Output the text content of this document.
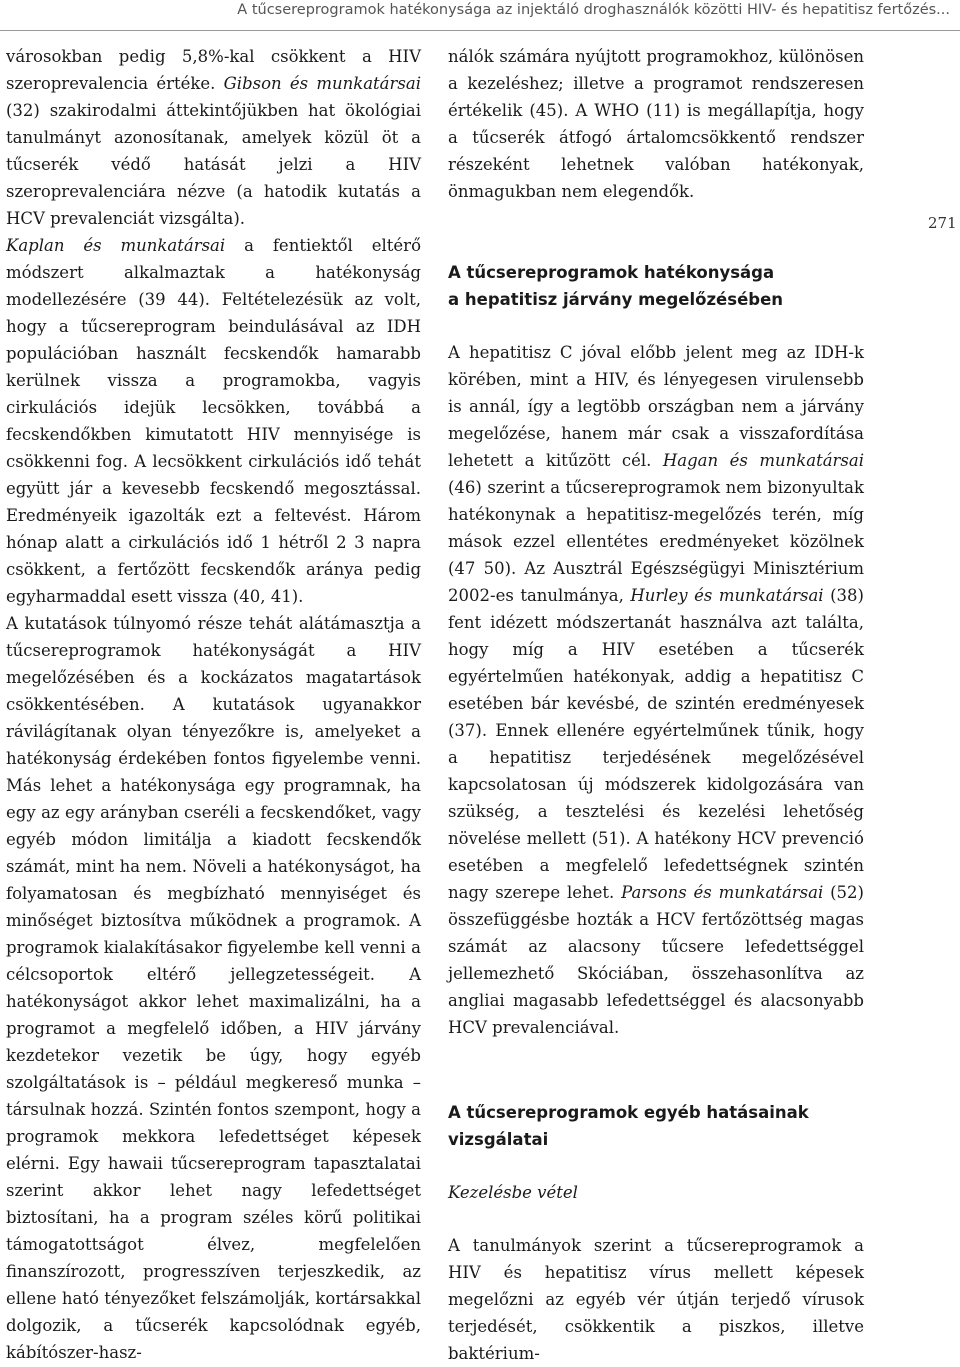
A tűcsereprogramok hatékonysága az injektáló droghasználók közötti HIV- és hepatitisz fertőzés...
271

városokban pedig 5,8%-kal csökkent a HIV szeroprevalencia értéke. Gibson és munkatársai (32) szakirodalmi áttekintőjükben hat ökológiai tanulmányt azonosítanak, amelyek közül öt a tűcserék védő hatását jelzi a HIV szeroprevalenciára nézve (a hatodik kutatás a HCV prevalenciát vizsgálta).

Kaplan és munkatársai a fentiektől eltérő módszert alkalmaztak a hatékonyság modellezésére (39 44). Feltételezésük az volt, hogy a tűcsereprogram beindulásával az IDH populációban használt fecskendők hamarabb kerülnek vissza a programokba, vagyis cirkulációs idejük lecsökken, továbbá a fecskendőkben kimutatott HIV mennyisége is csökkenni fog. A lecsökkent cirkulációs idő tehát együtt jár a kevesebb fecskendő megosztással. Eredményeik igazolták ezt a feltevést. Három hónap alatt a cirkulációs idő 1 hétről 2 3 napra csökkent, a fertőzött fecskendők aránya pedig egyharmaddal esett vissza (40, 41).

A kutatások túlnyomó része tehát alátámasztja a tűcsereprogramok hatékonyságát a HIV megelőzésében és a kockázatos magatartások csökkentésében. A kutatások ugyanakkor rávilágítanak olyan tényezőkre is, amelyeket a hatékonyság érdekében fontos figyelembe venni. Más lehet a hatékonysága egy programnak, ha egy az egy arányban cseréli a fecskendőket, vagy egyéb módon limitálja a kiadott fecskendők számát, mint ha nem. Növeli a hatékonyságot, ha folyamatosan és megbízható mennyiséget és minőséget biztosítva működnek a programok. A programok kialakításakor figyelembe kell venni a célcsoportok eltérő jellegzetességeit. A hatékonyságot akkor lehet maximalizálni, ha a programot a megfelelő időben, a HIV járvány kezdetekor vezetik be úgy, hogy egyéb szolgáltatások is – például megkereső munka – társulnak hozzá. Szintén fontos szempont, hogy a programok mekkora lefedettséget képesek elérni. Egy hawaii tűcsereprogram tapasztalatai szerint akkor lehet nagy lefedettséget biztosítani, ha a program széles körű politikai támogatottságot élvez, megfelelően finanszírozott, progresszíven terjeszkedik, az ellene ható tényezőket felszámolják, kortársakkal dolgozik, a tűcserék kapcsolódnak egyéb, kábítószer-hasz-

nálók számára nyújtott programokhoz, különösen a kezeléshez; illetve a programot rendszeresen értékelik (45). A WHO (11) is megállapítja, hogy a tűcserék átfogó ártalomcsökkentő rendszer részeként lehetnek valóban hatékonyak, önmagukban nem elegendők.

A tűcsereprogramok hatékonysága
a hepatitisz járvány megelőzésében

A hepatitisz C jóval előbb jelent meg az IDH-k körében, mint a HIV, és lényegesen virulensebb is annál, így a legtöbb országban nem a járvány megelőzése, hanem már csak a visszafordítása lehetett a kitűzött cél. Hagan és munkatársai (46) szerint a tűcsereprogramok nem bizonyultak hatékonynak a hepatitisz-megelőzés terén, míg mások ezzel ellentétes eredményeket közölnek (47 50). Az Ausztrál Egészségügyi Minisztérium 2002-es tanulmánya, Hurley és munkatársai (38) fent idézett módszertanát használva azt találta, hogy míg a HIV esetében a tűcserék egyértelműen hatékonyak, addig a hepatitisz C esetében bár kevésbé, de szintén eredményesek (37). Ennek ellenére egyértelműnek tűnik, hogy a hepatitisz terjedésének megelőzésével kapcsolatosan új módszerek kidolgozására van szükség, a tesztelési és kezelési lehetőség növelése mellett (51). A hatékony HCV prevenció esetében a megfelelő lefedettségnek szintén nagy szerepe lehet. Parsons és munkatársai (52) összefüggésbe hozták a HCV fertőzöttség magas számát az alacsony tűcsere lefedettséggel jellemezhető Skóciában, összehasonlítva az angliai magasabb lefedettséggel és alacsonyabb HCV prevalenciával.

A tűcsereprogramok egyéb hatásainak
vizsgálatai
Kezelésbe vétel

A tanulmányok szerint a tűcsereprogramok a HIV és hepatitisz vírus mellett képesek megelőzni az egyéb vér útján terjedő vírusok terjedését, csökkentik a piszkos, illetve baktérium-
